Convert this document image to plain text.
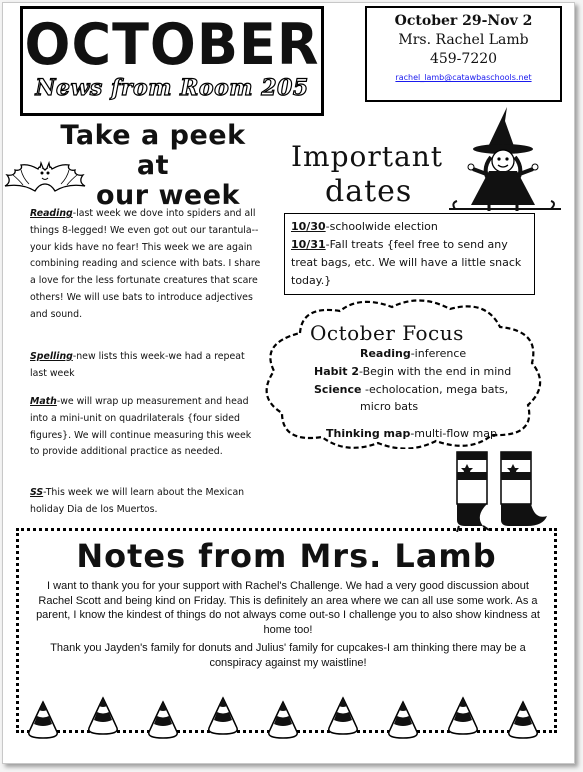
OCTOBER
News from Room 205
October 29-Nov 2
Mrs. Rachel Lamb
459-7220
rachel_lamb@catawbaschools.net
Take a peek at
our week
Reading-last week we dove into spiders and all things 8-legged! We even got out our tarantula--your kids have no fear! This week we are again combining reading and science with bats. I share a love for the less fortunate creatures that scare others! We will use bats to introduce adjectives and sound.
Spelling-new lists this week-we had a repeat last week
Math-we will wrap up measurement and head into a mini-unit on quadrilaterals {four sided figures}. We will continue measuring this week to provide additional practice as needed.
SS-This week we will learn about the Mexican holiday Dia de los Muertos.
Important
dates
10/30-schoolwide election
10/31-Fall treats {feel free to send any treat bags, etc. We will have a little snack today.}
October Focus
Reading-inference
Habit 2-Begin with the end in mind
Science -echolocation, mega bats,
micro bats
Thinking map-multi-flow map
Notes from Mrs. Lamb
I want to thank you for your support with Rachel's Challenge. We had a very good discussion about Rachel Scott and being kind on Friday. This is definitely an area where we can all use some work. As a parent, I know the kindest of things do not always come out-so I challenge you to also show kindness at home too!
Thank you Jayden's family for donuts and Julius' family for cupcakes-I am thinking there may be a conspiracy against my waistline!
